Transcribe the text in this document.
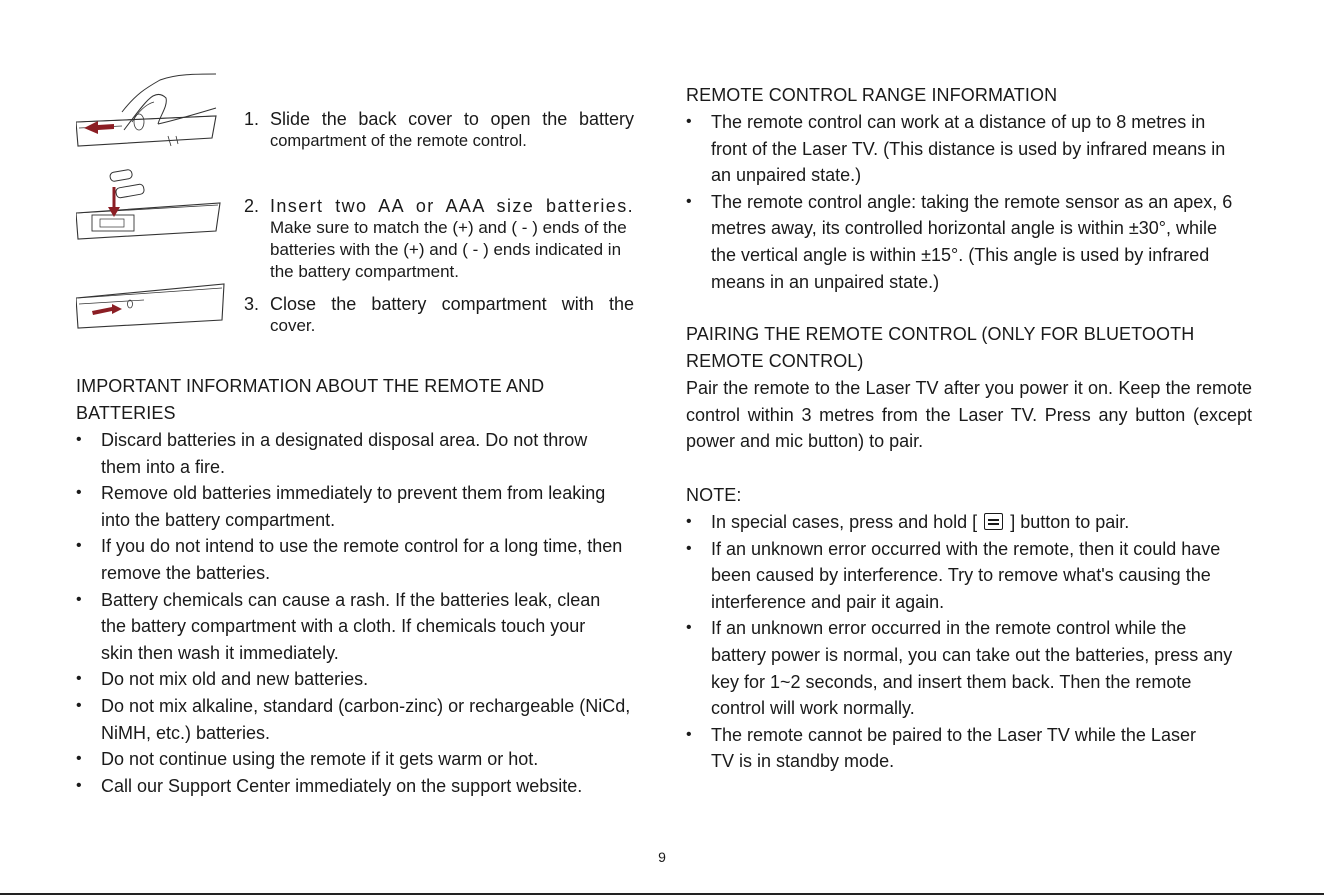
1. Slide the back cover to open the battery
compartment of the remote control.
2. Insert two AA or AAA size batteries.
Make sure to match the (+) and ( - ) ends of the batteries with the (+) and ( - ) ends indicated in the battery compartment.
3. Close the battery compartment with the
cover.
IMPORTANT INFORMATION ABOUT THE REMOTE AND
BATTERIES
•	Discard batteries in a designated disposal area. Do not throw them into a fire.
•	Remove old batteries immediately to prevent them from leaking into the battery compartment.
•	If you do not intend to use the remote control for a long time, then remove the batteries.
•	Battery chemicals can cause a rash. If the batteries leak, clean the battery compartment with a cloth. If chemicals touch your skin then wash it immediately.
•	Do not mix old and new batteries.
•	Do not mix alkaline, standard (carbon-zinc) or rechargeable (NiCd, NiMH, etc.) batteries.
•	Do not continue using the remote if it gets warm or hot.
•	Call our Support Center immediately on the support website.
REMOTE CONTROL RANGE INFORMATION
•	The remote control can work at a distance of up to 8 metres in front of the Laser TV. (This distance is used by infrared means in an unpaired state.)
•	The remote control angle: taking the remote sensor as an apex, 6 metres away, its controlled horizontal angle is within ±30°, while the vertical angle is within ±15°. (This angle is used by infrared means in an unpaired state.)
PAIRING THE REMOTE CONTROL (ONLY FOR BLUETOOTH REMOTE CONTROL)

Pair the remote to the Laser TV after you power it on. Keep the remote control within 3 metres from the Laser TV. Press any button (except power and mic button) to pair.

NOTE:
•	In special cases, press and hold [ ] button to pair.
•	If an unknown error occurred with the remote, then it could have been caused by interference. Try to remove what's causing the interference and pair it again.
•	If an unknown error occurred in the remote control while the battery power is normal, you can take out the batteries, press any key for 1~2 seconds, and insert them back. Then the remote control will work normally.
•	The remote cannot be paired to the Laser TV while the Laser TV is in standby mode.
9
